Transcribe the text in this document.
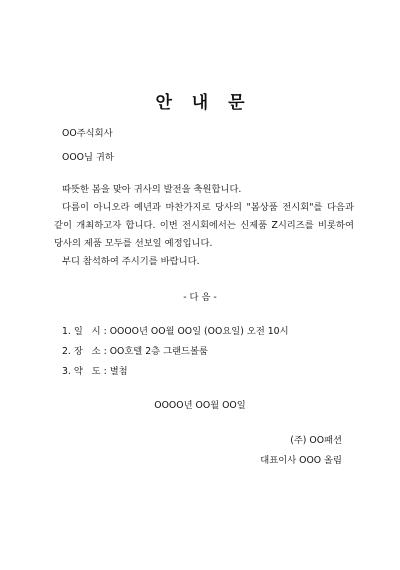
안 내 문
OO주식회사
OOO님 귀하

따뜻한 봄을 맞아 귀사의 발전을 축원합니다.

다름이 아니오라 예년과 마찬가지로 당사의 "봄상품 전시회"를 다음과 같이 개최하고자 합니다. 이번 전시회에서는 신제품 Z시리즈를 비롯하여 당사의 제품 모두를 선보일 예정입니다.

부디 참석하여 주시기를 바랍니다.

- 다 음 -
1. 일   시 : OOOO년 OO월 OO일 (OO요일) 오전 10시
2. 장   소 : OO호텔 2층 그랜드볼룸
3. 약   도 : 별첨
OOOO년 OO월 OO일
(주) OO패션
대표이사 OOO 올림
